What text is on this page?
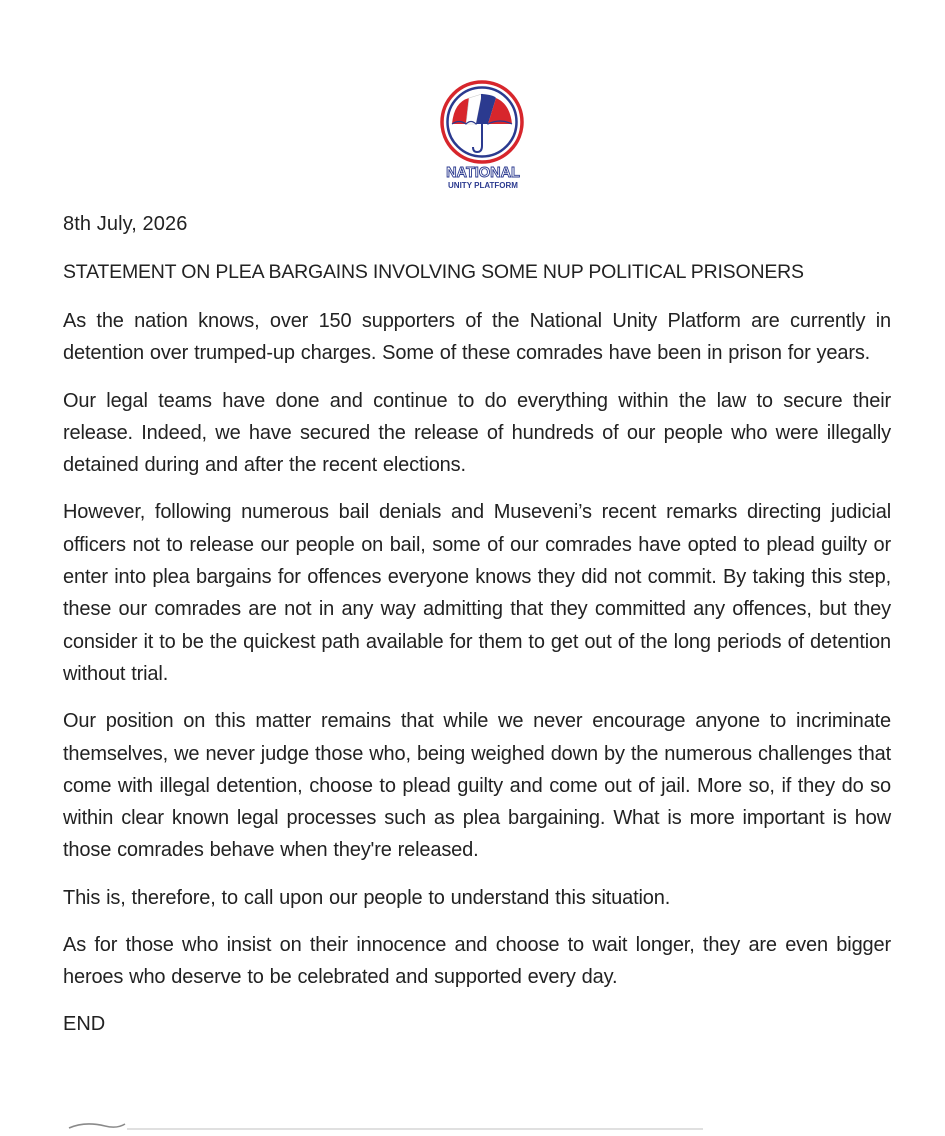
NATIONAL
UNITY PLATFORM
8th July, 2026
STATEMENT ON PLEA BARGAINS INVOLVING SOME NUP POLITICAL PRISONERS

As the nation knows, over 150 supporters of the National Unity Platform are currently in detention over trumped-up charges. Some of these comrades have been in prison for years.

Our legal teams have done and continue to do everything within the law to secure their release. Indeed, we have secured the release of hundreds of our people who were illegally detained during and after the recent elections.

However, following numerous bail denials and Museveni’s recent remarks directing judicial officers not to release our people on bail, some of our comrades have opted to plead guilty or enter into plea bargains for offences everyone knows they did not commit. By taking this step, these our comrades are not in any way admitting that they committed any offences, but they consider it to be the quickest path available for them to get out of the long periods of detention without trial.

Our position on this matter remains that while we never encourage anyone to incriminate themselves, we never judge those who, being weighed down by the numerous challenges that come with illegal detention, choose to plead guilty and come out of jail. More so, if they do so within clear known legal processes such as plea bargaining. What is more important is how those comrades behave when they're released.

This is, therefore, to call upon our people to understand this situation.

As for those who insist on their innocence and choose to wait longer, they are even bigger heroes who deserve to be celebrated and supported every day.

END
